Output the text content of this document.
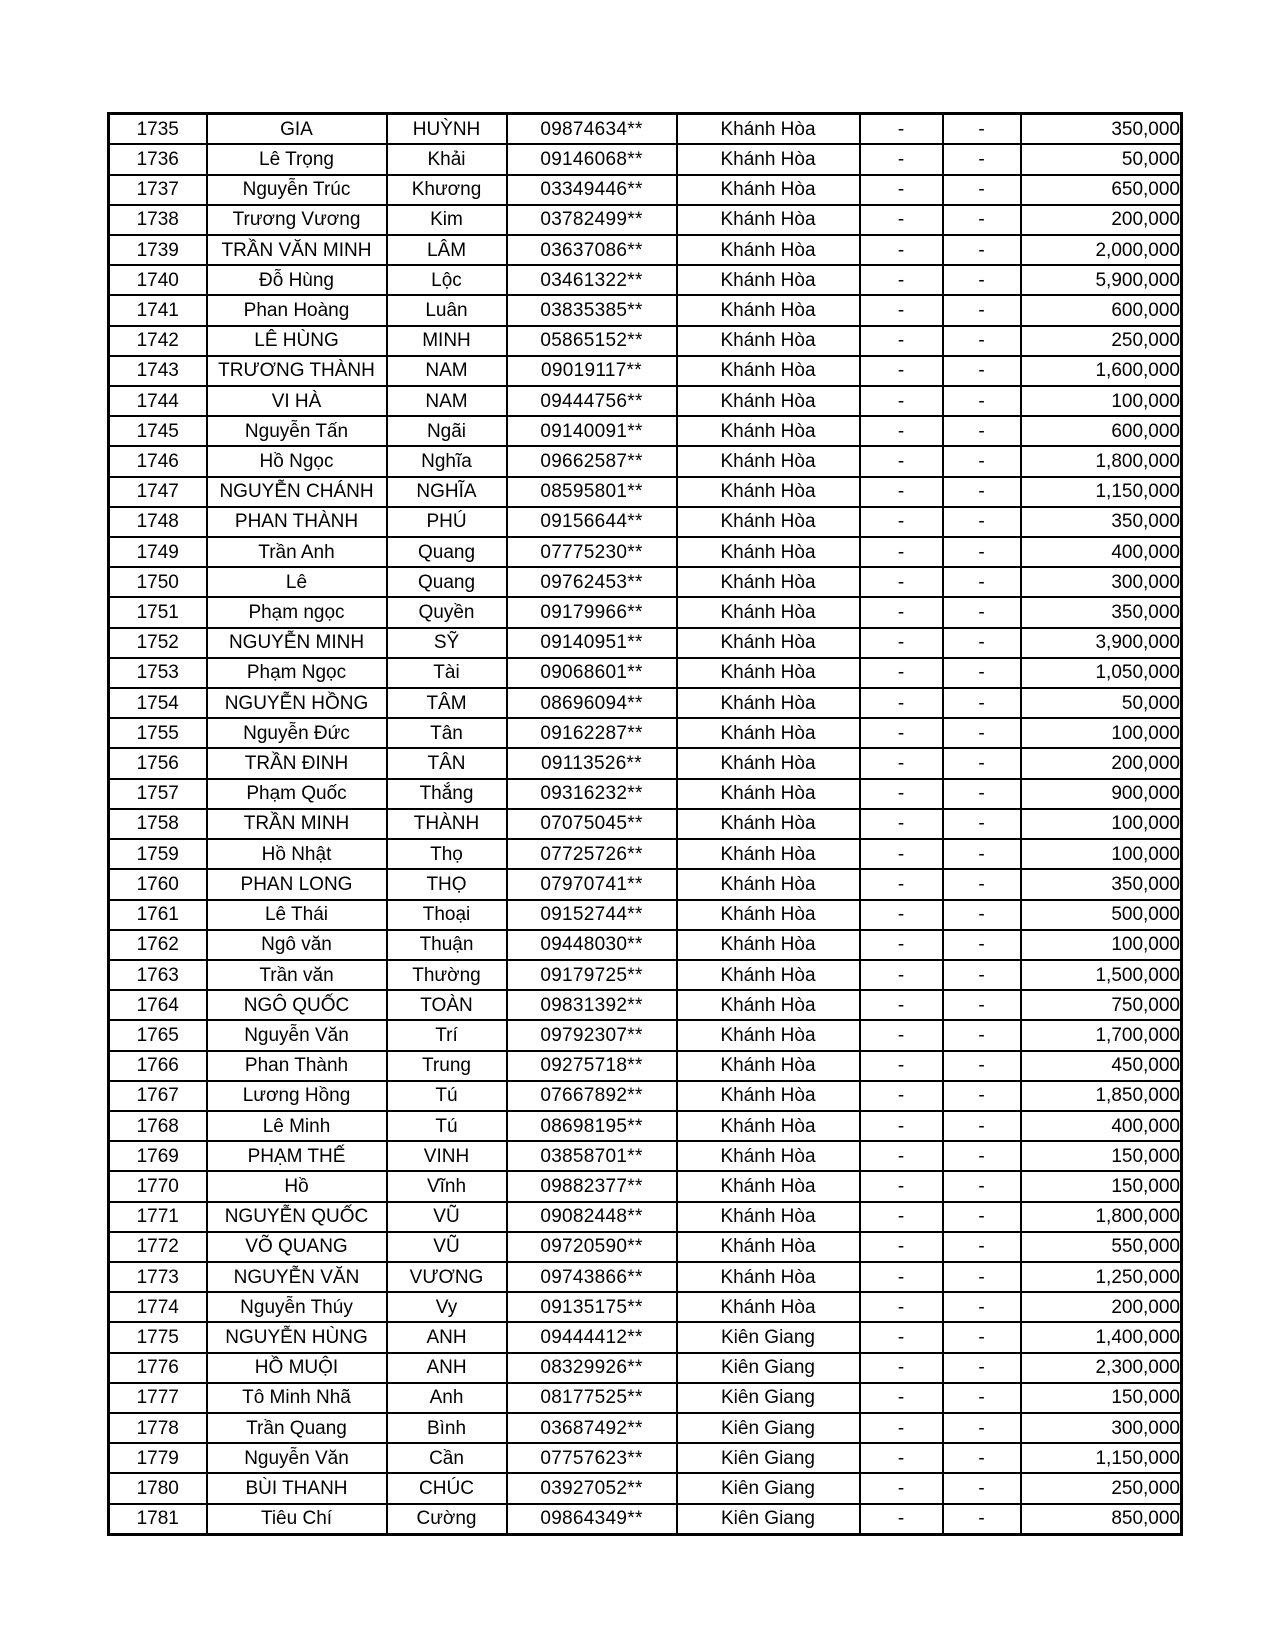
1735	GIA	HUỲNH	09874634**	Khánh Hòa	-	-	350,000
1736	Lê Trọng	Khải	09146068**	Khánh Hòa	-	-	50,000
1737	Nguyễn Trúc	Khương	03349446**	Khánh Hòa	-	-	650,000
1738	Trương Vương	Kim	03782499**	Khánh Hòa	-	-	200,000
1739	TRẦN VĂN MINH	LÂM	03637086**	Khánh Hòa	-	-	2,000,000
1740	Đỗ Hùng	Lộc	03461322**	Khánh Hòa	-	-	5,900,000
1741	Phan Hoàng	Luân	03835385**	Khánh Hòa	-	-	600,000
1742	LÊ HÙNG	MINH	05865152**	Khánh Hòa	-	-	250,000
1743	TRƯƠNG THÀNH	NAM	09019117**	Khánh Hòa	-	-	1,600,000
1744	VI HÀ	NAM	09444756**	Khánh Hòa	-	-	100,000
1745	Nguyễn Tấn	Ngãi	09140091**	Khánh Hòa	-	-	600,000
1746	Hồ Ngọc	Nghĩa	09662587**	Khánh Hòa	-	-	1,800,000
1747	NGUYỄN CHÁNH	NGHĨA	08595801**	Khánh Hòa	-	-	1,150,000
1748	PHAN THÀNH	PHÚ	09156644**	Khánh Hòa	-	-	350,000
1749	Trần Anh	Quang	07775230**	Khánh Hòa	-	-	400,000
1750	Lê	Quang	09762453**	Khánh Hòa	-	-	300,000
1751	Phạm ngọc	Quyền	09179966**	Khánh Hòa	-	-	350,000
1752	NGUYỄN MINH	SỸ	09140951**	Khánh Hòa	-	-	3,900,000
1753	Phạm Ngọc	Tài	09068601**	Khánh Hòa	-	-	1,050,000
1754	NGUYỄN HỒNG	TÂM	08696094**	Khánh Hòa	-	-	50,000
1755	Nguyễn Đức	Tân	09162287**	Khánh Hòa	-	-	100,000
1756	TRẦN ĐINH	TÂN	09113526**	Khánh Hòa	-	-	200,000
1757	Phạm Quốc	Thắng	09316232**	Khánh Hòa	-	-	900,000
1758	TRẦN MINH	THÀNH	07075045**	Khánh Hòa	-	-	100,000
1759	Hồ Nhật	Thọ	07725726**	Khánh Hòa	-	-	100,000
1760	PHAN LONG	THỌ	07970741**	Khánh Hòa	-	-	350,000
1761	Lê Thái	Thoại	09152744**	Khánh Hòa	-	-	500,000
1762	Ngô văn	Thuận	09448030**	Khánh Hòa	-	-	100,000
1763	Trần văn	Thường	09179725**	Khánh Hòa	-	-	1,500,000
1764	NGÔ QUỐC	TOÀN	09831392**	Khánh Hòa	-	-	750,000
1765	Nguyễn Văn	Trí	09792307**	Khánh Hòa	-	-	1,700,000
1766	Phan Thành	Trung	09275718**	Khánh Hòa	-	-	450,000
1767	Lương Hồng	Tú	07667892**	Khánh Hòa	-	-	1,850,000
1768	Lê Minh	Tú	08698195**	Khánh Hòa	-	-	400,000
1769	PHẠM THẾ	VINH	03858701**	Khánh Hòa	-	-	150,000
1770	Hồ	Vĩnh	09882377**	Khánh Hòa	-	-	150,000
1771	NGUYỄN QUỐC	VŨ	09082448**	Khánh Hòa	-	-	1,800,000
1772	VÕ QUANG	VŨ	09720590**	Khánh Hòa	-	-	550,000
1773	NGUYỄN VĂN	VƯƠNG	09743866**	Khánh Hòa	-	-	1,250,000
1774	Nguyễn Thúy	Vy	09135175**	Khánh Hòa	-	-	200,000
1775	NGUYỄN HÙNG	ANH	09444412**	Kiên Giang	-	-	1,400,000
1776	HỒ MUỘI	ANH	08329926**	Kiên Giang	-	-	2,300,000
1777	Tô Minh Nhã	Anh	08177525**	Kiên Giang	-	-	150,000
1778	Trần Quang	Bình	03687492**	Kiên Giang	-	-	300,000
1779	Nguyễn Văn	Cần	07757623**	Kiên Giang	-	-	1,150,000
1780	BÙI THANH	CHÚC	03927052**	Kiên Giang	-	-	250,000
1781	Tiêu Chí	Cường	09864349**	Kiên Giang	-	-	850,000
